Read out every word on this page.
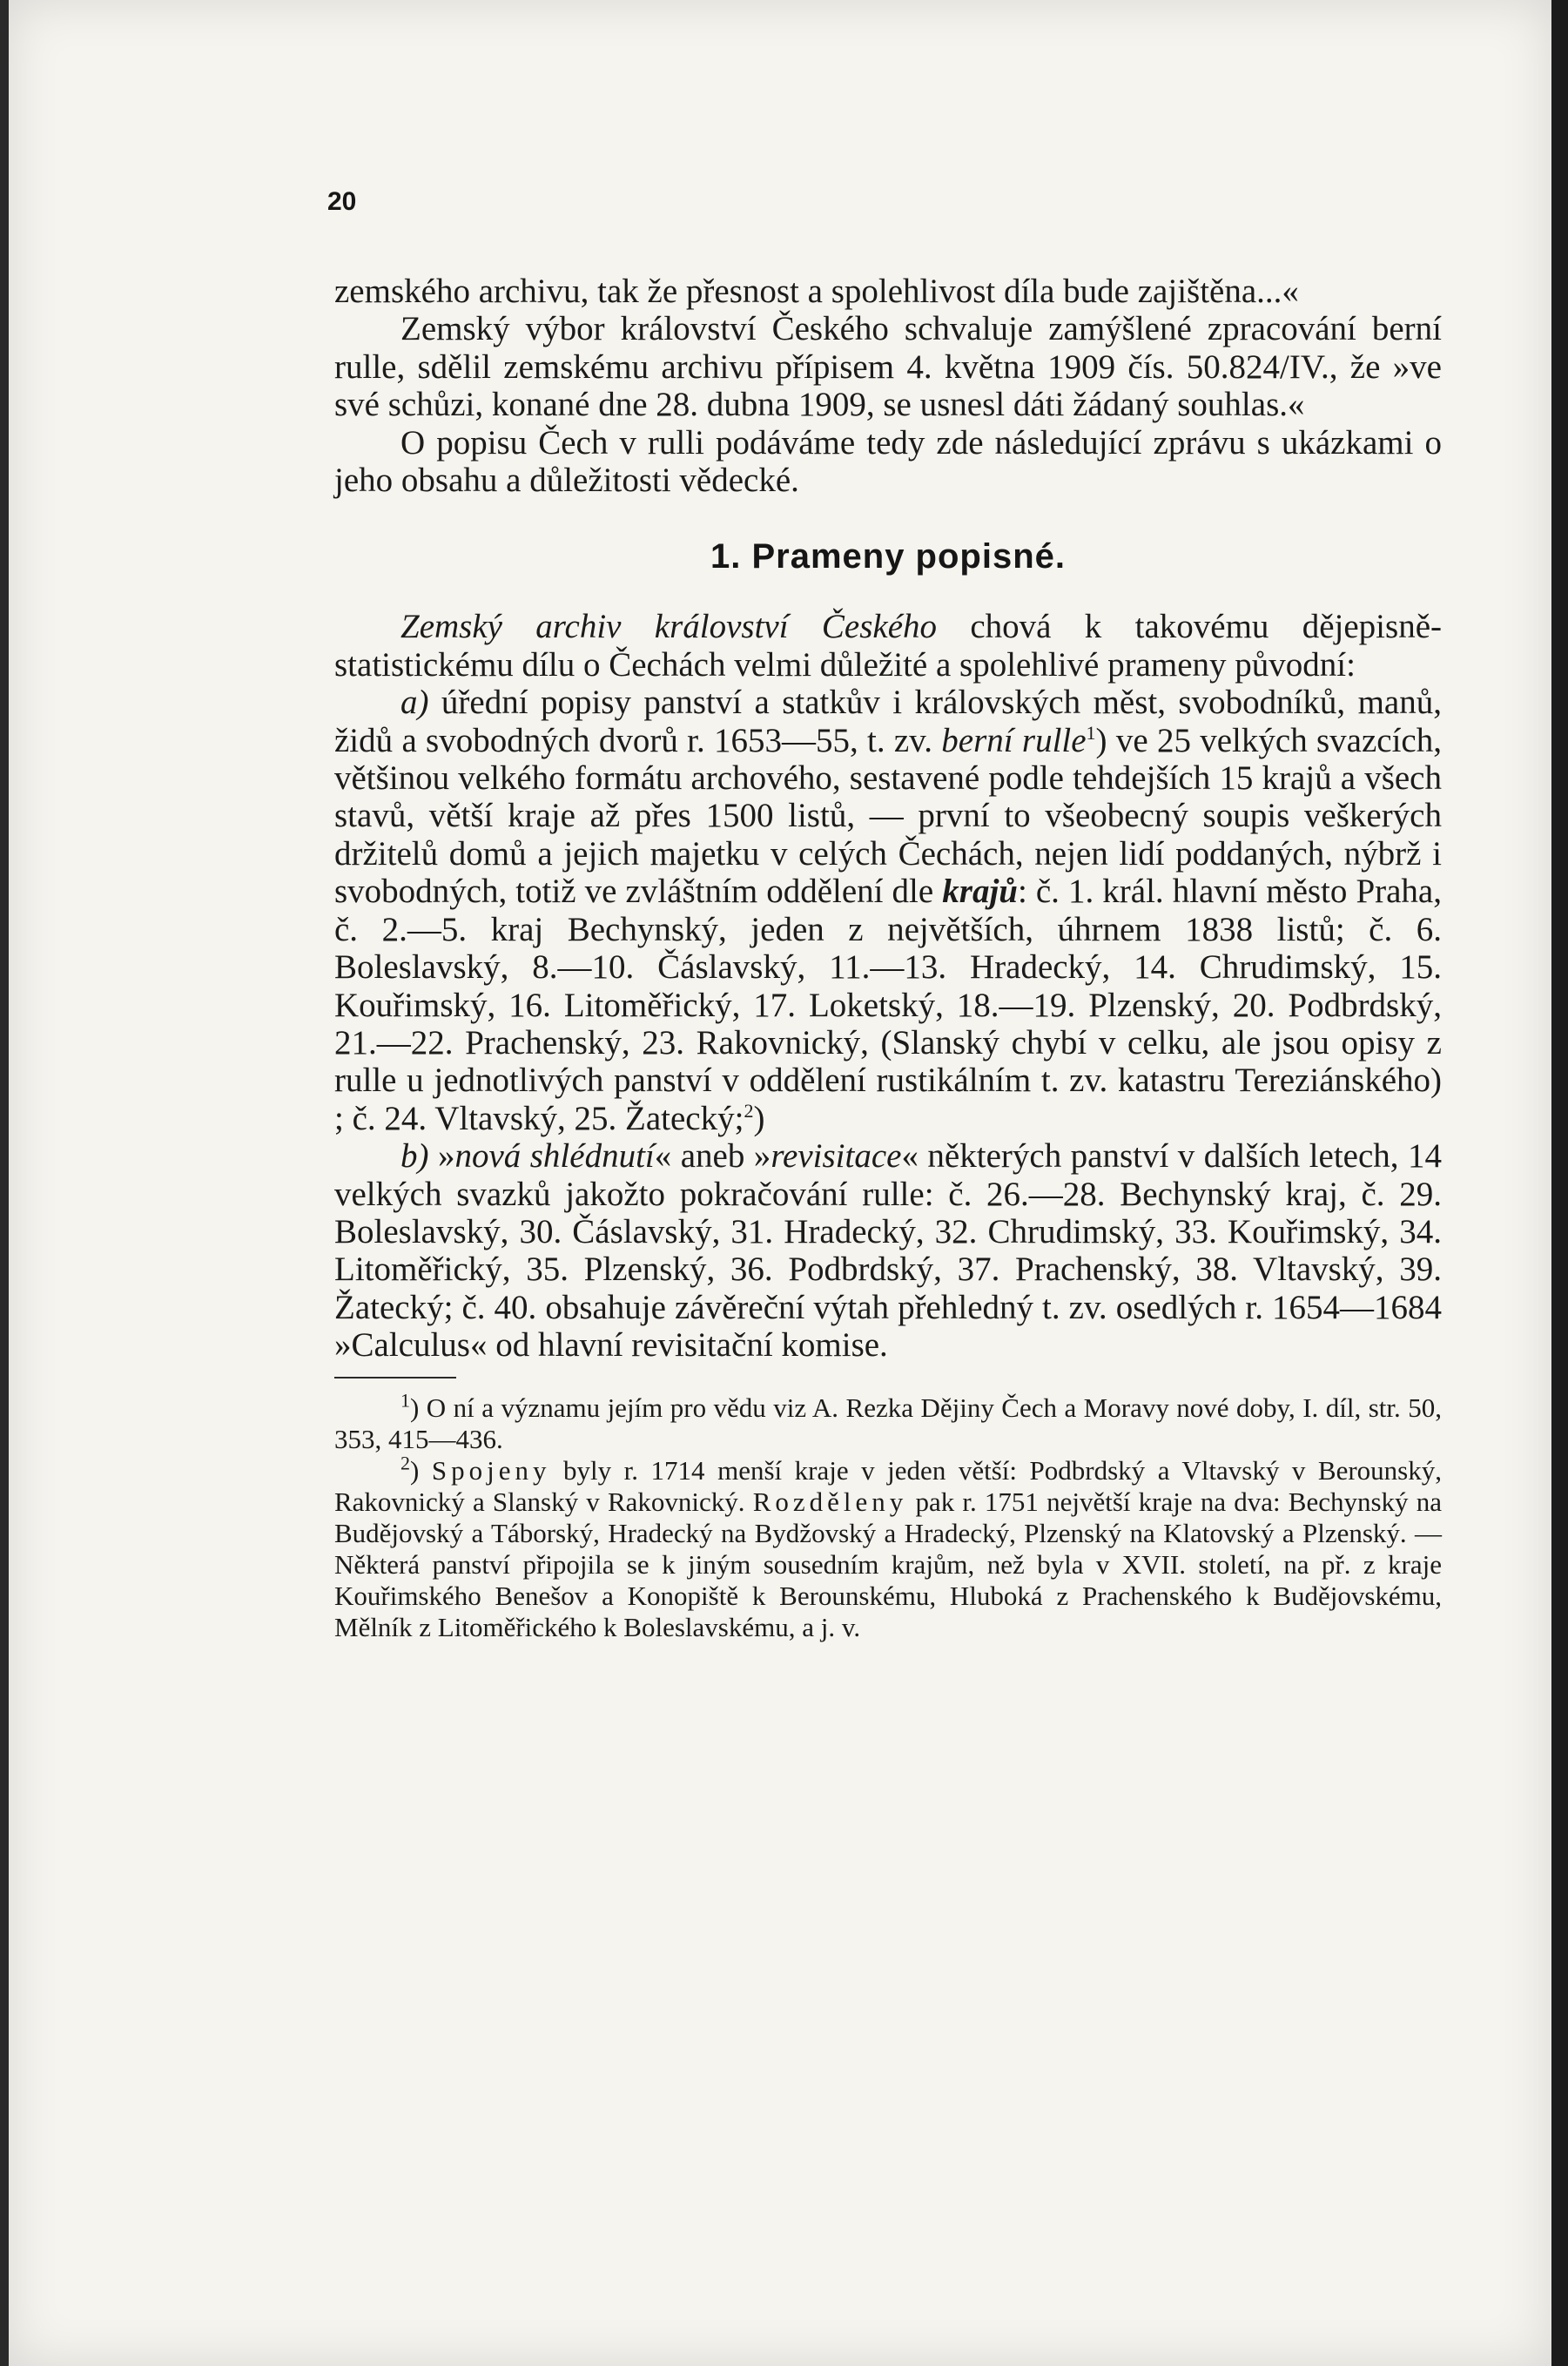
20

zemského archivu, tak že přesnost a spolehlivost díla bude zajištěna...«

Zemský výbor království Českého schvaluje zamýšlené zpracování berní rulle, sdělil zemskému archivu přípisem 4. května 1909 čís. 50.824/IV., že »ve své schůzi, konané dne 28. dubna 1909, se usnesl dáti žádaný souhlas.«

O popisu Čech v rulli podáváme tedy zde následující zprávu s ukázkami o jeho obsahu a důležitosti vědecké.

1. Prameny popisné.

Zemský archiv království Českého chová k takovému dějepisně-statistickému dílu o Čechách velmi důležité a spolehlivé prameny původní:

a) úřední popisy panství a statkův i královských měst, svobodníků, manů, židů a svobodných dvorů r. 1653—55, t. zv. berní rulle$^1$) ve 25 velkých svazcích, většinou velkého formátu archového, sestavené podle tehdejších 15 krajů a všech stavů, větší kraje až přes 1500 listů, — první to všeobecný soupis veškerých držitelů domů a jejich majetku v celých Čechách, nejen lidí poddaných, nýbrž i svobodných, totiž ve zvláštním oddělení dle krajů: č. 1. král. hlavní město Praha, č. 2.—5. kraj Bechynský, jeden z největších, úhrnem 1838 listů; č. 6. Boleslavský, 8.—10. Čáslavský, 11.—13. Hradecký, 14. Chrudimský, 15. Kouřimský, 16. Litoměřický, 17. Loketský, 18.—19. Plzenský, 20. Podbrdský, 21.—22. Prachenský, 23. Rakovnický, (Slanský chybí v celku, ale jsou opisy z rulle u jednotlivých panství v oddělení rustikálním t. zv. katastru Tereziánského) ; č. 24. Vltavský, 25. Žatecký;$^2$)

b) »nová shlédnutí« aneb »revisitace« některých panství v dalších letech, 14 velkých svazků jakožto pokračování rulle: č. 26.—28. Bechynský kraj, č. 29. Boleslavský, 30. Čáslavský, 31. Hradecký, 32. Chrudimský, 33. Kouřimský, 34. Litoměřický, 35. Plzenský, 36. Podbrdský, 37. Prachenský, 38. Vltavský, 39. Žatecký; č. 40. obsahuje závěreční výtah přehledný t. zv. osedlých r. 1654—1684 »Calculus« od hlavní revisitační komise.

$^1$) O ní a významu jejím pro vědu viz A. Rezka Dějiny Čech a Moravy nové doby, I. díl, str. 50, 353, 415—436.

$^2$) Spojeny byly r. 1714 menší kraje v jeden větší: Podbrdský a Vltavský v Berounský, Rakovnický a Slanský v Rakovnický. Rozděleny pak r. 1751 největší kraje na dva: Bechynský na Budějovský a Táborský, Hradecký na Bydžovský a Hradecký, Plzenský na Klatovský a Plzenský. — Některá panství připojila se k jiným sousedním krajům, než byla v XVII. století, na př. z kraje Kouřimského Benešov a Konopiště k Berounskému, Hluboká z Prachenského k Budějovskému, Mělník z Litoměřického k Boleslavskému, a j. v.
